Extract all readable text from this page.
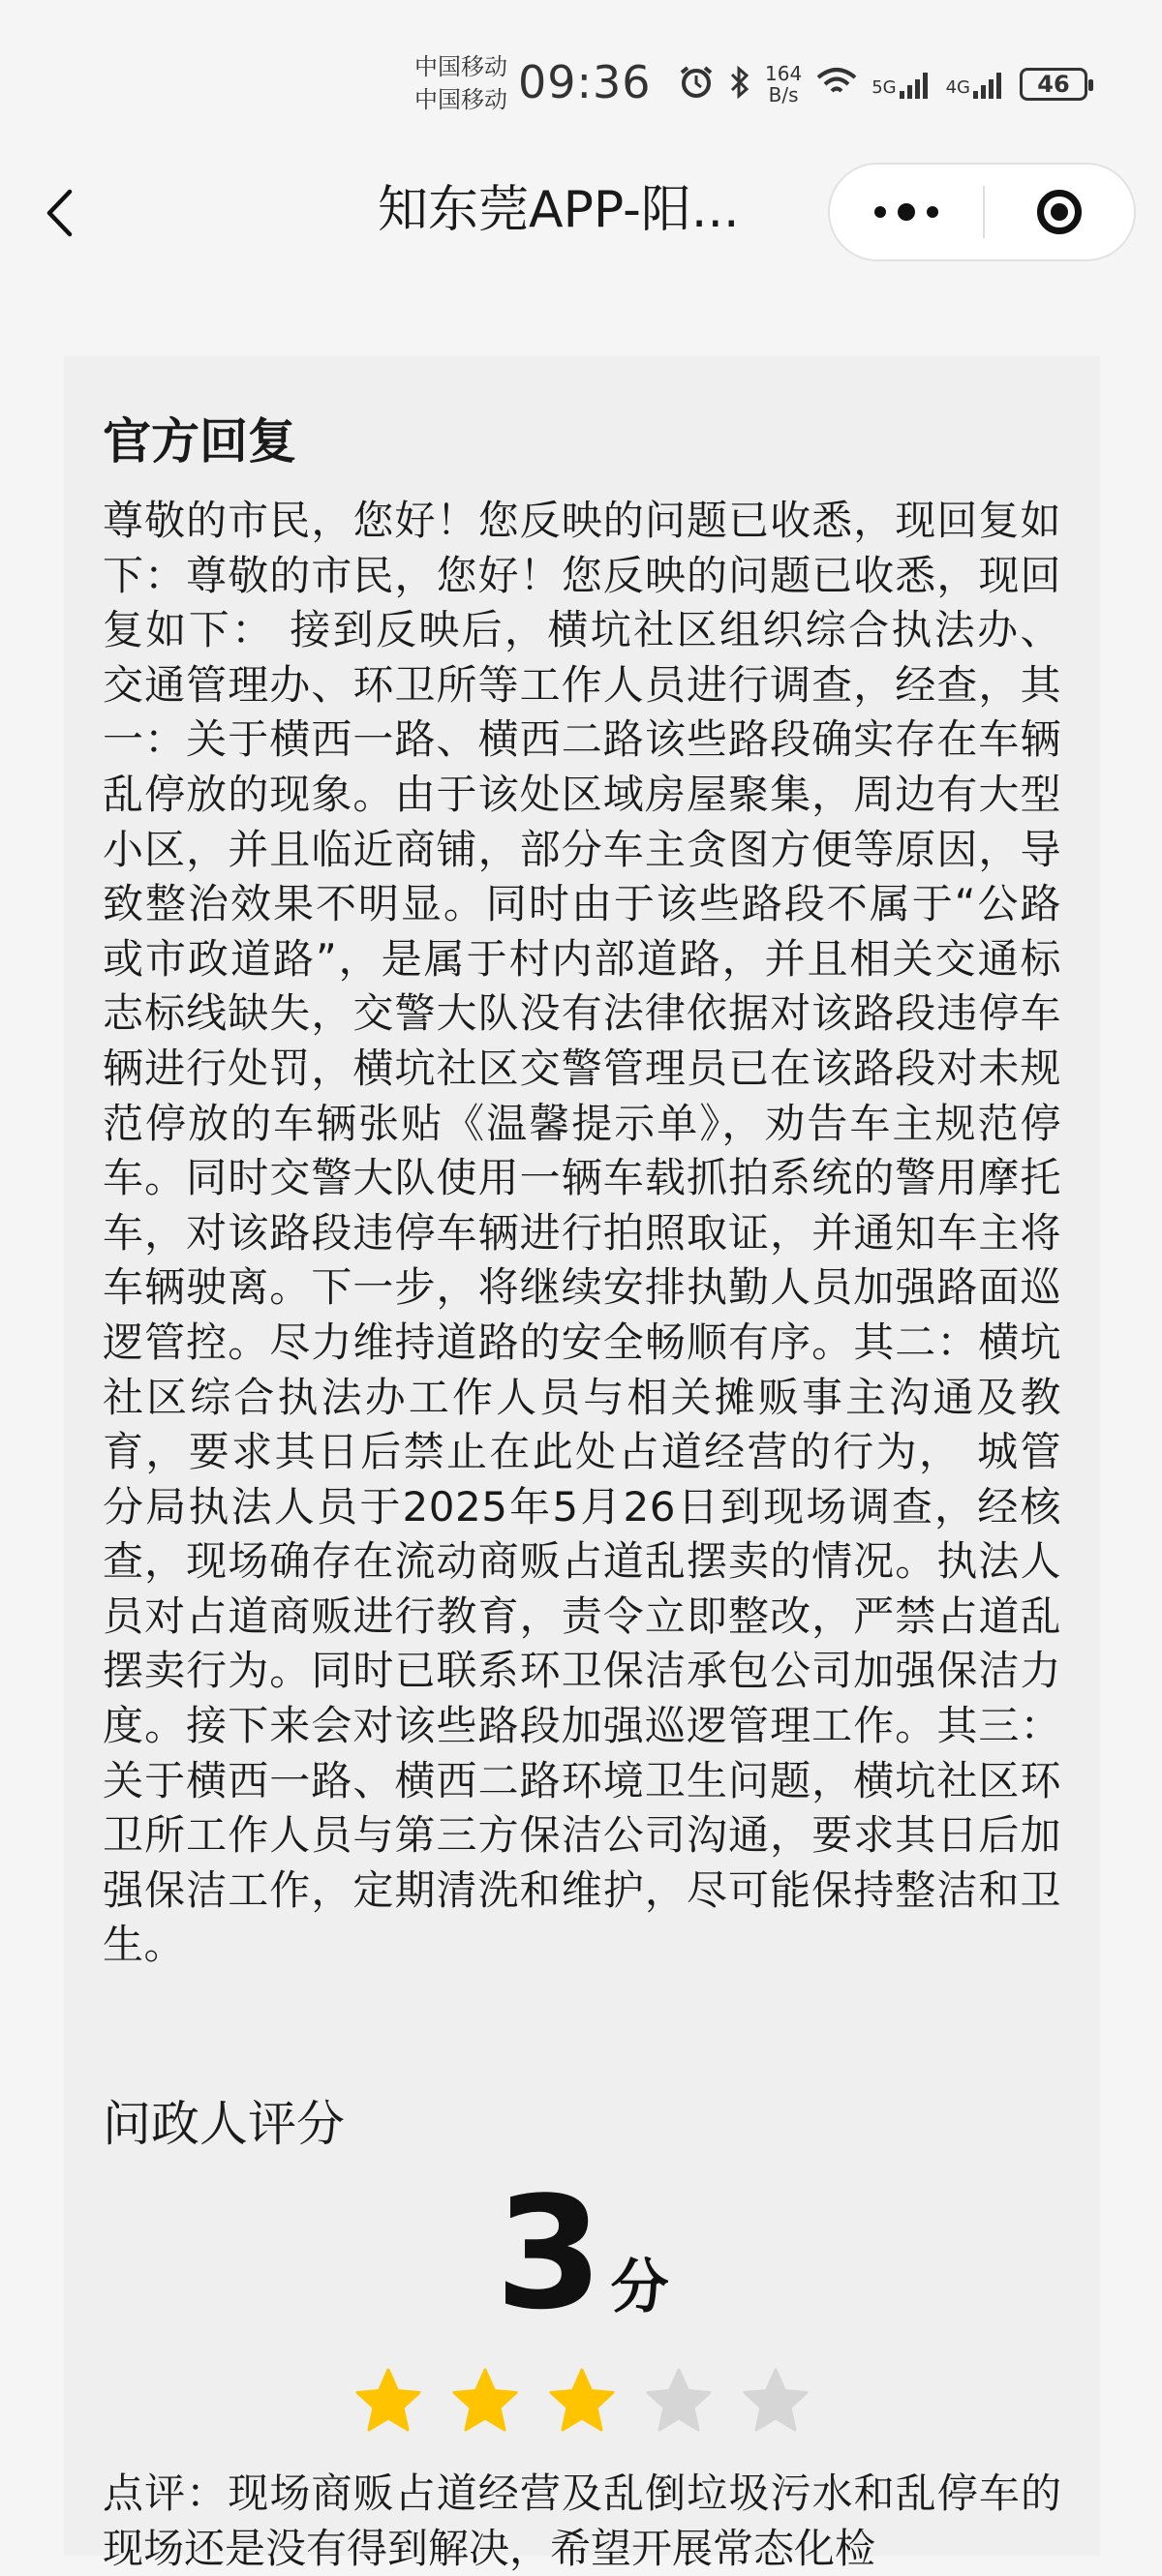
中国移动
中国移动 09:36	164
B/s	5G	4G	46
知东莞APP-阳...
官方回复
尊敬的市民，您好！您反映的问题已收悉，现回复如下：尊敬的市民，您好！您反映的问题已收悉，现回复如下： 接到反映后，横坑社区组织综合执法办、交通管理办、环卫所等工作人员进行调查，经查，其一：关于横西一路、横西二路该些路段确实存在车辆乱停放的现象。由于该处区域房屋聚集，周边有大型小区，并且临近商铺，部分车主贪图方便等原因，导致整治效果不明显。同时由于该些路段不属于“公路或市政道路”，是属于村内部道路，并且相关交通标志标线缺失，交警大队没有法律依据对该路段违停车辆进行处罚，横坑社区交警管理员已在该路段对未规范停放的车辆张贴《温馨提示单》，劝告车主规范停车。同时交警大队使用一辆车载抓拍系统的警用摩托车，对该路段违停车辆进行拍照取证，并通知车主将车辆驶离。下一步，将继续安排执勤人员加强路面巡逻管控。尽力维持道路的安全畅顺有序。其二：横坑社区综合执法办工作人员与相关摊贩事主沟通及教育，要求其日后禁止在此处占道经营的行为， 城管分局执法人员于2025年5月26日到现场调查，经核查，现场确存在流动商贩占道乱摆卖的情况。执法人员对占道商贩进行教育，责令立即整改，严禁占道乱摆卖行为。同时已联系环卫保洁承包公司加强保洁力度。接下来会对该些路段加强巡逻管理工作。其三：关于横西一路、横西二路环境卫生问题，横坑社区环卫所工作人员与第三方保洁公司沟通，要求其日后加强保洁工作，定期清洗和维护，尽可能保持整洁和卫生。
问政人评分
3 分
点评：现场商贩占道经营及乱倒垃圾污水和乱停车的现场还是没有得到解决，希望开展常态化检
